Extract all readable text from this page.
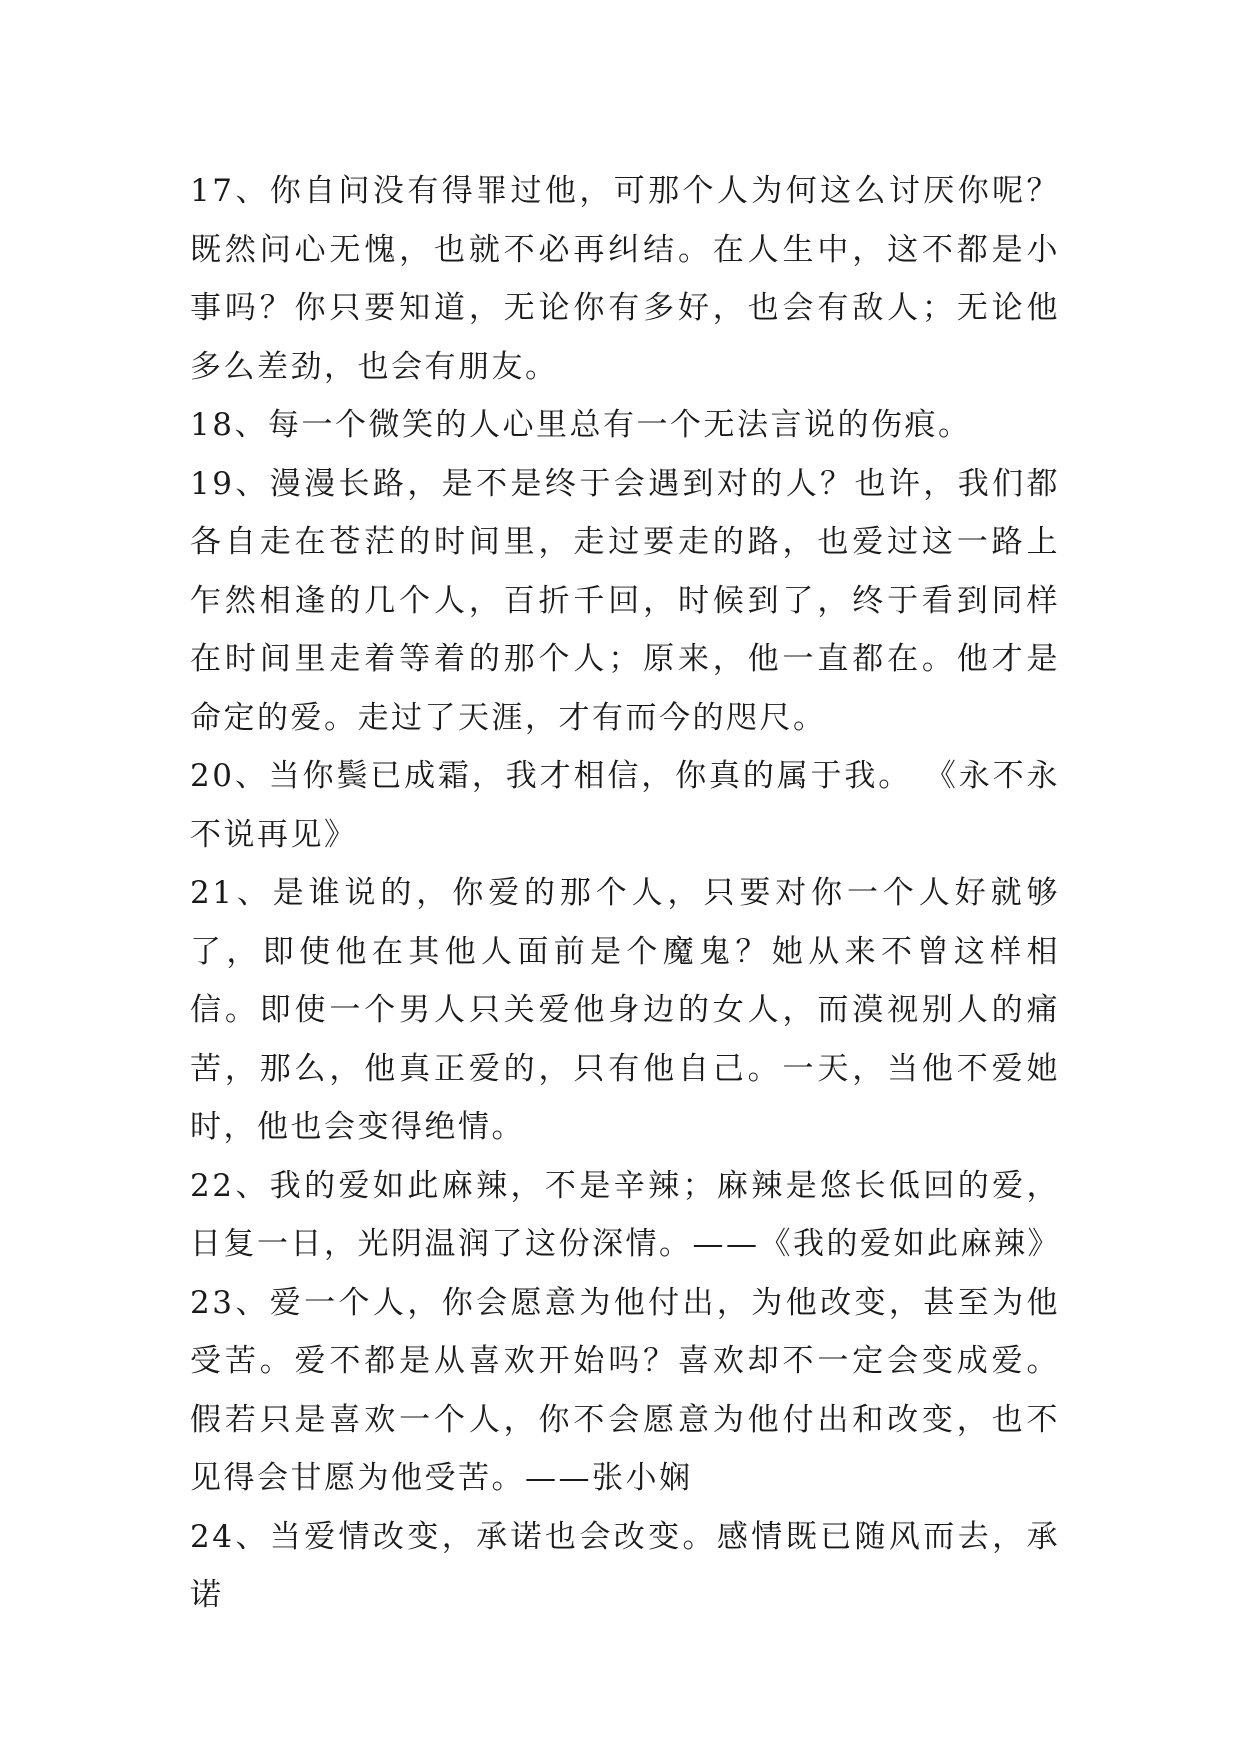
17、你自问没有得罪过他，可那个人为何这么讨厌你呢？既然问心无愧，也就不必再纠结。在人生中，这不都是小事吗？你只要知道，无论你有多好，也会有敌人；无论他多么差劲，也会有朋友。

18、每一个微笑的人心里总有一个无法言说的伤痕。

19、漫漫长路，是不是终于会遇到对的人？也许，我们都各自走在苍茫的时间里，走过要走的路，也爱过这一路上乍然相逢的几个人，百折千回，时候到了，终于看到同样在时间里走着等着的那个人；原来，他一直都在。他才是命定的爱。走过了天涯，才有而今的咫尺。

20、当你鬓已成霜，我才相信，你真的属于我。 《永不永不说再见》

21、是谁说的，你爱的那个人，只要对你一个人好就够了，即使他在其他人面前是个魔鬼？她从来不曾这样相信。即使一个男人只关爱他身边的女人，而漠视别人的痛苦，那么，他真正爱的，只有他自己。一天，当他不爱她时，他也会变得绝情。

22、我的爱如此麻辣，不是辛辣；麻辣是悠长低回的爱，日复一日，光阴温润了这份深情。——《我的爱如此麻辣》

23、爱一个人，你会愿意为他付出，为他改变，甚至为他受苦。爱不都是从喜欢开始吗？喜欢却不一定会变成爱。假若只是喜欢一个人，你不会愿意为他付出和改变，也不见得会甘愿为他受苦。——张小娴

24、当爱情改变，承诺也会改变。感情既已随风而去，承诺
